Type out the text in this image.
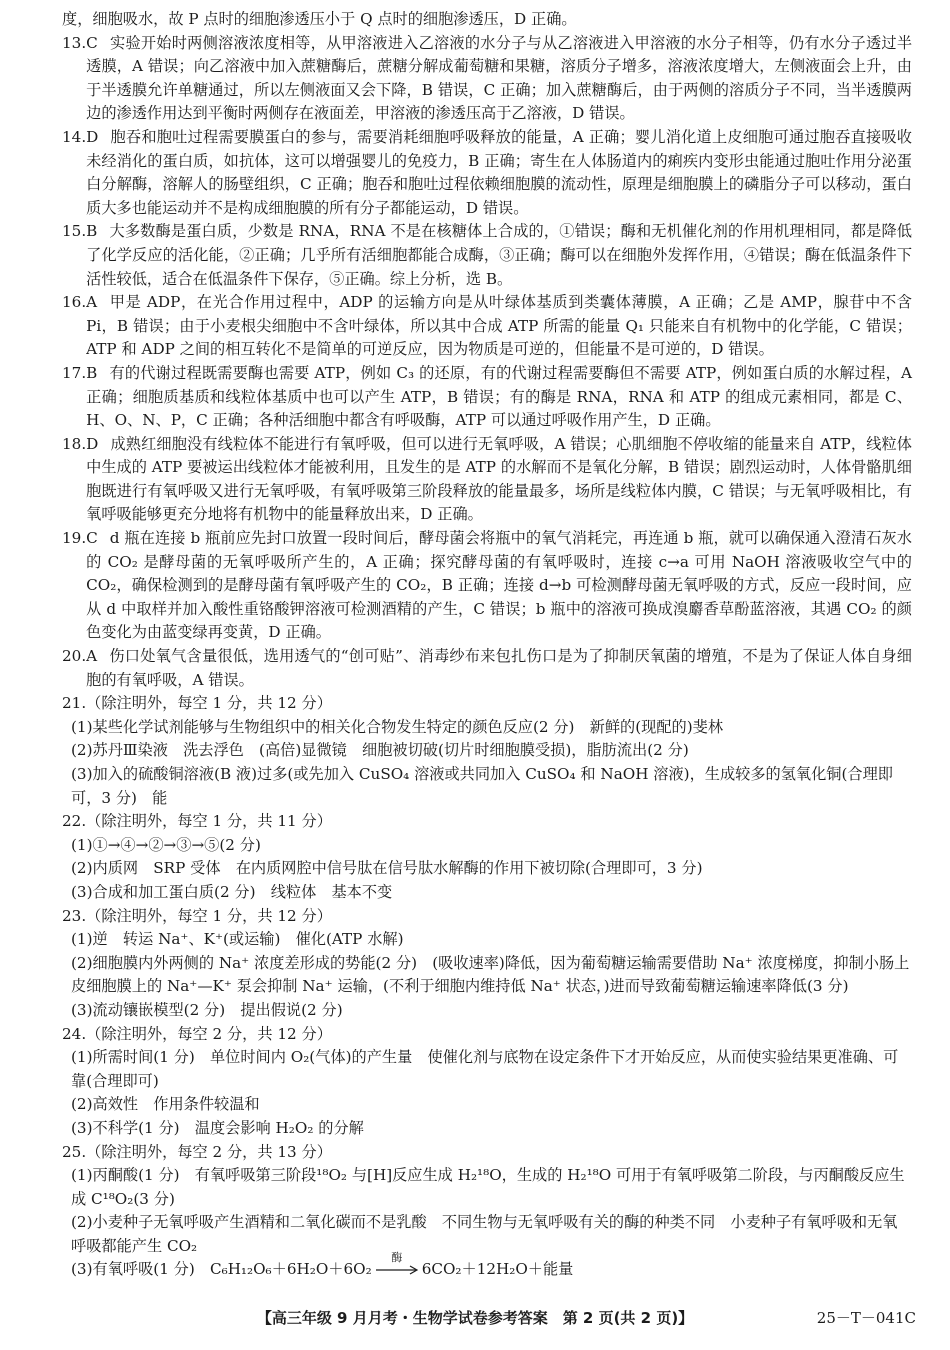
度，细胞吸水，故 P 点时的细胞渗透压小于 Q 点时的细胞渗透压，D 正确。

13. C 实验开始时两侧溶液浓度相等，从甲溶液进入乙溶液的水分子与从乙溶液进入甲溶液的水分子相等，仍有水分子透过半透膜，A 错误；向乙溶液中加入蔗糖酶后，蔗糖分解成葡萄糖和果糖，溶质分子增多，溶液浓度增大，左侧液面会上升，由于半透膜允许单糖通过，所以左侧液面又会下降，B 错误，C 正确；加入蔗糖酶后，由于两侧的溶质分子不同，当半透膜两边的渗透作用达到平衡时两侧存在液面差，甲溶液的渗透压高于乙溶液，D 错误。
14. D 胞吞和胞吐过程需要膜蛋白的参与，需要消耗细胞呼吸释放的能量，A 正确；婴儿消化道上皮细胞可通过胞吞直接吸收未经消化的蛋白质，如抗体，这可以增强婴儿的免疫力，B 正确；寄生在人体肠道内的痢疾内变形虫能通过胞吐作用分泌蛋白分解酶，溶解人的肠壁组织，C 正确；胞吞和胞吐过程依赖细胞膜的流动性，原理是细胞膜上的磷脂分子可以移动，蛋白质大多也能运动并不是构成细胞膜的所有分子都能运动，D 错误。
15. B 大多数酶是蛋白质，少数是 RNA，RNA 不是在核糖体上合成的，①错误；酶和无机催化剂的作用机理相同，都是降低了化学反应的活化能，②正确；几乎所有活细胞都能合成酶，③正确；酶可以在细胞外发挥作用，④错误；酶在低温条件下活性较低，适合在低温条件下保存，⑤正确。综上分析，选 B。
16. A 甲是 ADP，在光合作用过程中，ADP 的运输方向是从叶绿体基质到类囊体薄膜，A 正确；乙是 AMP，腺苷中不含 Pi，B 错误；由于小麦根尖细胞中不含叶绿体，所以其中合成 ATP 所需的能量 Q₁ 只能来自有机物中的化学能，C 错误；ATP 和 ADP 之间的相互转化不是简单的可逆反应，因为物质是可逆的，但能量不是可逆的，D 错误。
17. B 有的代谢过程既需要酶也需要 ATP，例如 C₃ 的还原，有的代谢过程需要酶但不需要 ATP，例如蛋白质的水解过程，A 正确；细胞质基质和线粒体基质中也可以产生 ATP，B 错误；有的酶是 RNA，RNA 和 ATP 的组成元素相同，都是 C、H、O、N、P，C 正确；各种活细胞中都含有呼吸酶，ATP 可以通过呼吸作用产生，D 正确。
18. D 成熟红细胞没有线粒体不能进行有氧呼吸，但可以进行无氧呼吸，A 错误；心肌细胞不停收缩的能量来自 ATP，线粒体中生成的 ATP 要被运出线粒体才能被利用，且发生的是 ATP 的水解而不是氧化分解，B 错误；剧烈运动时，人体骨骼肌细胞既进行有氧呼吸又进行无氧呼吸，有氧呼吸第三阶段释放的能量最多，场所是线粒体内膜，C 错误；与无氧呼吸相比，有氧呼吸能够更充分地将有机物中的能量释放出来，D 正确。
19. C d 瓶在连接 b 瓶前应先封口放置一段时间后，酵母菌会将瓶中的氧气消耗完，再连通 b 瓶，就可以确保通入澄清石灰水的 CO₂ 是酵母菌的无氧呼吸所产生的，A 正确；探究酵母菌的有氧呼吸时，连接 c→a 可用 NaOH 溶液吸收空气中的 CO₂，确保检测到的是酵母菌有氧呼吸产生的 CO₂，B 正确；连接 d→b 可检测酵母菌无氧呼吸的方式，反应一段时间，应从 d 中取样并加入酸性重铬酸钾溶液可检测酒精的产生，C 错误；b 瓶中的溶液可换成溴麝香草酚蓝溶液，其遇 CO₂ 的颜色变化为由蓝变绿再变黄，D 正确。
20. A 伤口处氧气含量很低，选用透气的“创可贴”、消毒纱布来包扎伤口是为了抑制厌氧菌的增殖，不是为了保证人体自身细胞的有氧呼吸，A 错误。

21.（除注明外，每空 1 分，共 12 分）

(1)某些化学试剂能够与生物组织中的相关化合物发生特定的颜色反应(2 分)　新鲜的(现配的)斐林

(2)苏丹Ⅲ染液　洗去浮色　(高倍)显微镜　细胞被切破(切片时细胞膜受损)，脂肪流出(2 分)

(3)加入的硫酸铜溶液(B 液)过多(或先加入 CuSO₄ 溶液或共同加入 CuSO₄ 和 NaOH 溶液)，生成较多的氢氧化铜(合理即可，3 分)　能

22.（除注明外，每空 1 分，共 11 分）

(1)①→④→②→③→⑤(2 分)

(2)内质网　SRP 受体　在内质网腔中信号肽在信号肽水解酶的作用下被切除(合理即可，3 分)

(3)合成和加工蛋白质(2 分)　线粒体　基本不变

23.（除注明外，每空 1 分，共 12 分）

(1)逆　转运 Na⁺、K⁺(或运输)　催化(ATP 水解)

(2)细胞膜内外两侧的 Na⁺ 浓度差形成的势能(2 分)　(吸收速率)降低，因为葡萄糖运输需要借助 Na⁺ 浓度梯度，抑制小肠上皮细胞膜上的 Na⁺—K⁺ 泵会抑制 Na⁺ 运输，(不利于细胞内维持低 Na⁺ 状态，)进而导致葡萄糖运输速率降低(3 分)

(3)流动镶嵌模型(2 分)　提出假说(2 分)

24.（除注明外，每空 2 分，共 12 分）

(1)所需时间(1 分)　单位时间内 O₂(气体)的产生量　使催化剂与底物在设定条件下才开始反应，从而使实验结果更准确、可靠(合理即可)

(2)高效性　作用条件较温和

(3)不科学(1 分)　温度会影响 H₂O₂ 的分解

25.（除注明外，每空 2 分，共 13 分）

(1)丙酮酸(1 分)　有氧呼吸第三阶段¹⁸O₂ 与[H]反应生成 H₂¹⁸O，生成的 H₂¹⁸O 可用于有氧呼吸第二阶段，与丙酮酸反应生成 C¹⁸O₂(3 分)

(2)小麦种子无氧呼吸产生酒精和二氧化碳而不是乳酸　不同生物与无氧呼吸有关的酶的种类不同　小麦种子有氧呼吸和无氧呼吸都能产生 CO₂

(3)有氧呼吸(1 分)　C₆H₁₂O₆＋6H₂O＋6O₂
酶
6CO₂＋12H₂O＋能量

【高三年级 9 月月考・生物学试卷参考答案　第 2 页(共 2 页)】	25－T－041C
